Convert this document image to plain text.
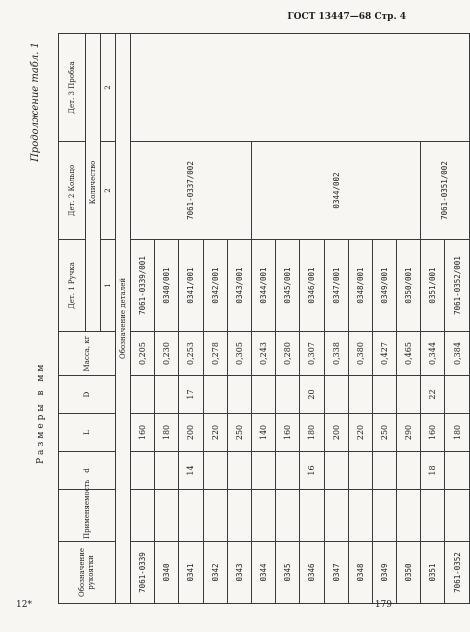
ГОСТ 13447—68 Стр. 4
Продолжение табл. 1
Размеры в мм
Обозначение рукоятки	Применяемость	d	L	D	Масса, кг	Дет. 1 Ручка	Дет. 2 Кольцо	Дет. 3 Пробка
						Количество		
						1	2	2
Обозначение деталей								
7061-0339			160		0,205	7061-0339/001	7061-0337/002	
0340			180		0,230	0340/001		
0341		14	200	17	0,253	0341/001		
0342			220		0,278	0342/001		
0343			250		0,305	0343/001		
0344			140		0,243	0344/001	0344/002	
0345			160		0,280	0345/001		
0346		16	180	20	0,307	0346/001		
0347			200		0,338	0347/001		
0348			220		0,380	0348/001		
0349			250		0,427	0349/001		
0350			290		0,465	0350/001		
0351		18	160	22	0,344	0351/001	7061-0351/002	
7061-0352			180		0,384	7061-0352/001		
12*	179
